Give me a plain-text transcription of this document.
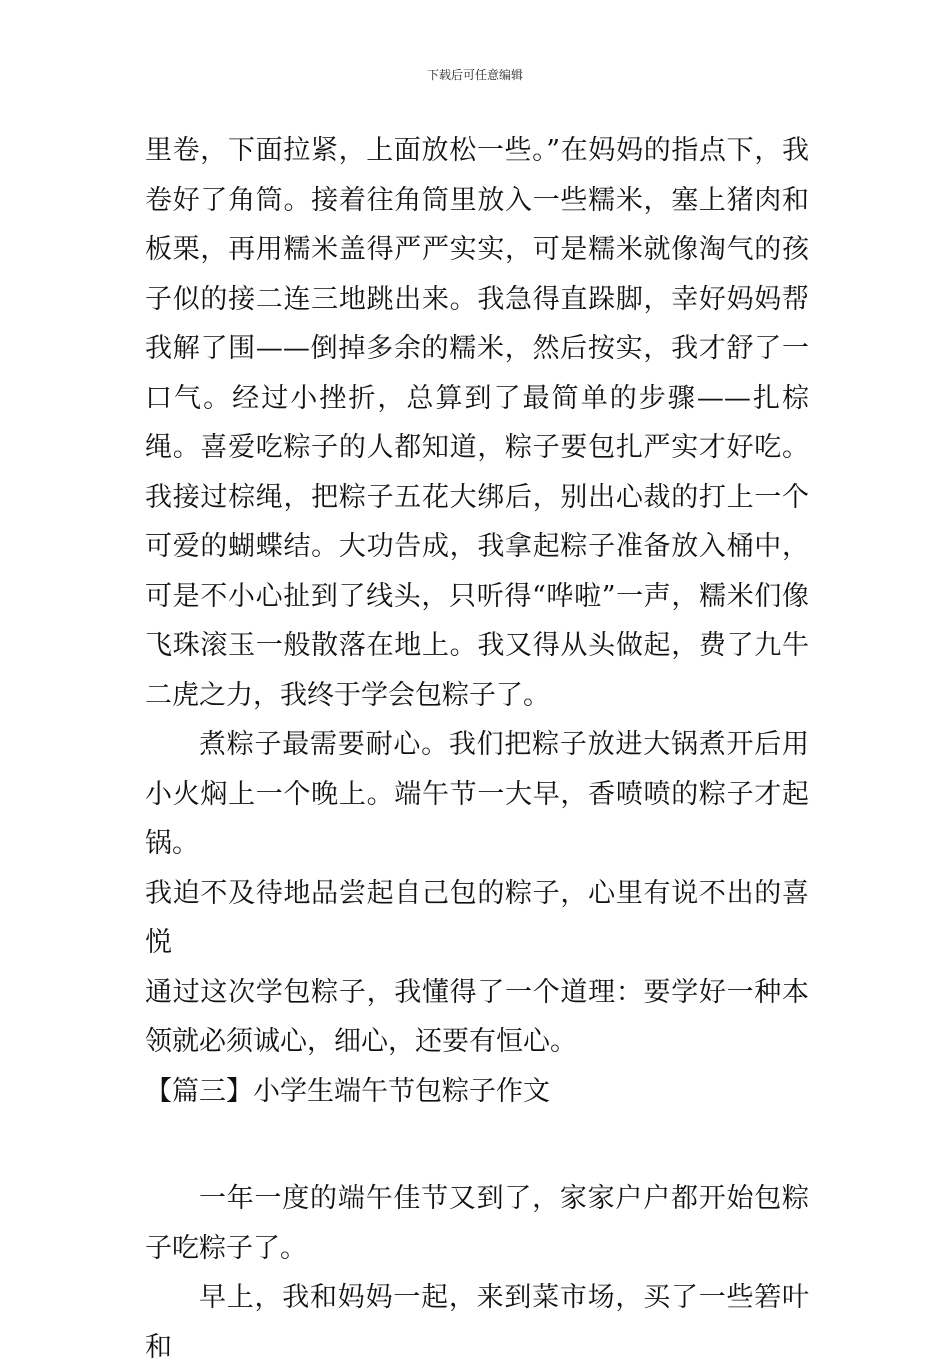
下载后可任意编辑

里卷，下面拉紧，上面放松一些。”在妈妈的指点下，我卷好了角筒。接着往角筒里放入一些糯米，塞上猪肉和板栗，再用糯米盖得严严实实，可是糯米就像淘气的孩子似的接二连三地跳出来。我急得直跺脚，幸好妈妈帮我解了围——倒掉多余的糯米，然后按实，我才舒了一口气。经过小挫折，总算到了最简单的步骤——扎棕绳。喜爱吃粽子的人都知道，粽子要包扎严实才好吃。我接过棕绳，把粽子五花大绑后，别出心裁的打上一个可爱的蝴蝶结。大功告成，我拿起粽子准备放入桶中，可是不小心扯到了线头，只听得“哗啦”一声，糯米们像飞珠滚玉一般散落在地上。我又得从头做起，费了九牛二虎之力，我终于学会包粽子了。

煮粽子最需要耐心。我们把粽子放进大锅煮开后用小火焖上一个晚上。端午节一大早，香喷喷的粽子才起锅。

我迫不及待地品尝起自己包的粽子，心里有说不出的喜悦

通过这次学包粽子，我懂得了一个道理：要学好一种本领就必须诚心，细心，还要有恒心。

【篇三】小学生端午节包粽子作文

一年一度的端午佳节又到了，家家户户都开始包粽子吃粽子了。

早上，我和妈妈一起，来到菜市场，买了一些箬叶和
